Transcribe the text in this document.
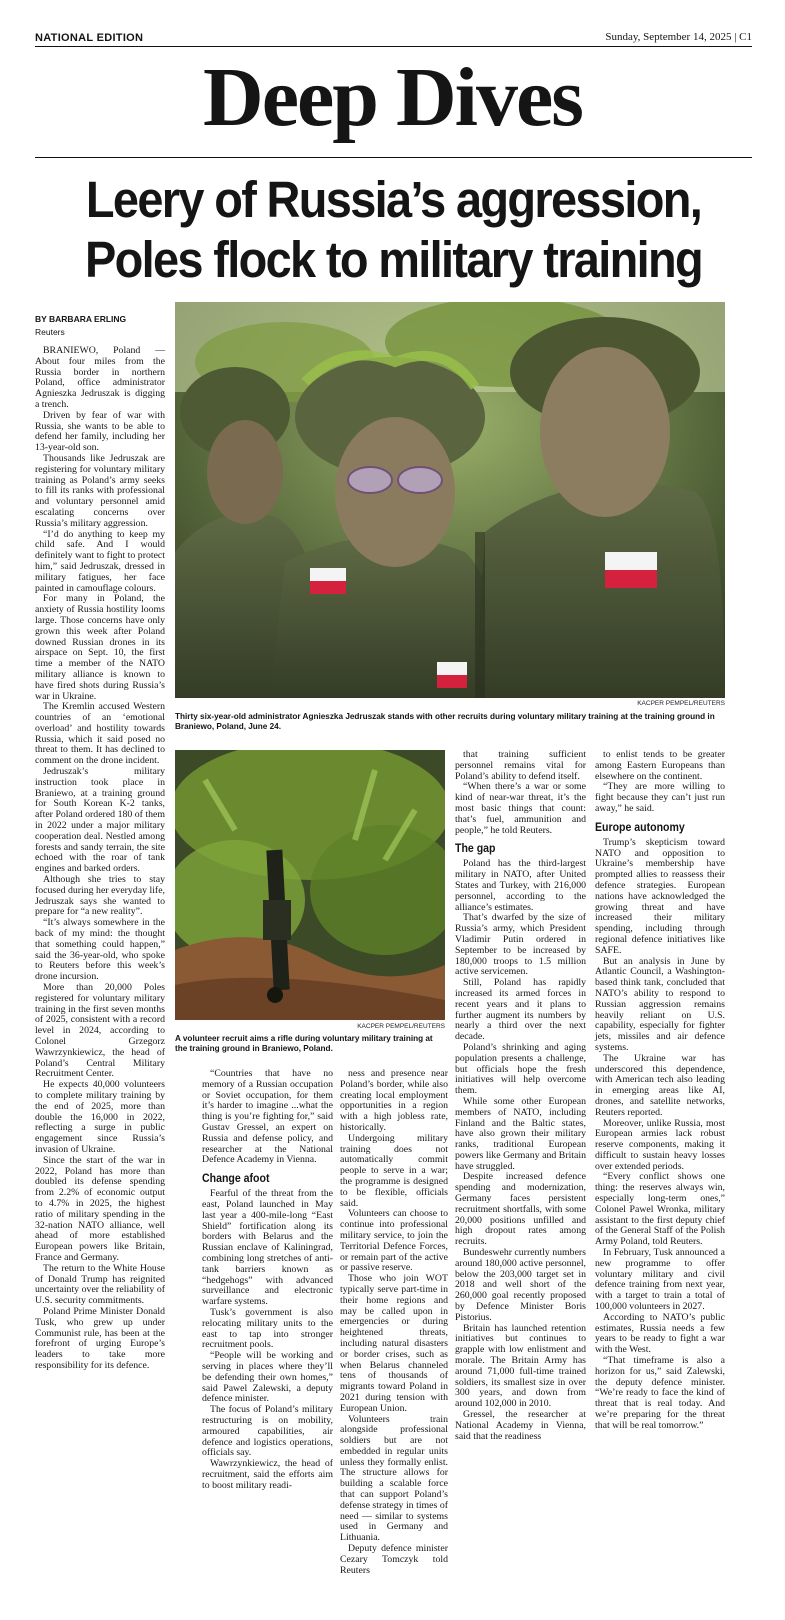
NATIONAL EDITION	Sunday, September 14, 2025 | C1
Deep Dives
Leery of Russia’s aggression,
Poles flock to military training
BY BARBARA ERLING
Reuters
KACPER PEMPEL/REUTERS
Thirty six-year-old administrator Agnieszka Jedruszak stands with other recruits during voluntary military training at the training ground in Braniewo, Poland, June 24.

BRANIEWO, Poland — About four miles from the Russia border in northern Poland, office administrator Agnieszka Jedruszak is digging a trench.

Driven by fear of war with Russia, she wants to be able to defend her family, including her 13-year-old son.

Thousands like Jedruszak are registering for voluntary military training as Poland’s army seeks to fill its ranks with professional and voluntary personnel amid escalating concerns over Russia’s military aggression.

“I’d do anything to keep my child safe. And I would definitely want to fight to protect him,” said Jedruszak, dressed in military fatigues, her face painted in camouflage colours.

For many in Poland, the anxiety of Russia hostility looms large. Those concerns have only grown this week after Poland downed Russian drones in its airspace on Sept. 10, the first time a member of the NATO military alliance is known to have fired shots during Russia’s war in Ukraine.

The Kremlin accused Western countries of an ‘emotional overload’ and hostility towards Russia, which it said posed no threat to them. It has declined to comment on the drone incident.

Jedruszak’s military instruction took place in Braniewo, at a training ground for South Korean K-2 tanks, after Poland ordered 180 of them in 2022 under a major military cooperation deal. Nestled among forests and sandy terrain, the site echoed with the roar of tank engines and barked orders.

Although she tries to stay focused during her everyday life, Jedruszak says she wanted to prepare for “a new reality”.

“It’s always somewhere in the back of my mind: the thought that something could happen,” said the 36-year-old, who spoke to Reuters before this week’s drone incursion.

More than 20,000 Poles registered for voluntary military training in the first seven months of 2025, consistent with a record level in 2024, according to Colonel Grzegorz Wawrzynkiewicz, the head of Poland’s Central Military Recruitment Center.

He expects 40,000 volunteers to complete military training by the end of 2025, more than double the 16,000 in 2022, reflecting a surge in public engagement since Russia’s invasion of Ukraine.

Since the start of the war in 2022, Poland has more than doubled its defense spending from 2.2% of economic output to 4.7% in 2025, the highest ratio of military spending in the 32-nation NATO alliance, well ahead of more established European powers like Britain, France and Germany.

The return to the White House of Donald Trump has reignited uncertainty over the reliability of U.S. security commitments.

Poland Prime Minister Donald Tusk, who grew up under Communist rule, has been at the forefront of urging Europe’s leaders to take more responsibility for its defence.

KACPER PEMPEL/REUTERS
A volunteer recruit aims a rifle during voluntary military training at the training ground in Braniewo, Poland.

“Countries that have no memory of a Russian occupation or Soviet occupation, for them it’s harder to imagine ...what the thing is you’re fighting for,” said Gustav Gressel, an expert on Russia and defense policy, and researcher at the National Defence Academy in Vienna.

Change afoot

Fearful of the threat from the east, Poland launched in May last year a 400-mile-long “East Shield” fortification along its borders with Belarus and the Russian enclave of Kaliningrad, combining long stretches of anti-tank barriers known as “hedgehogs” with advanced surveillance and electronic warfare systems.

Tusk’s government is also relocating military units to the east to tap into stronger recruitment pools.

“People will be working and serving in places where they’ll be defending their own homes,” said Pawel Zalewski, a deputy defence minister.

The focus of Poland’s military restructuring is on mobility, armoured capabilities, air defence and logistics operations, officials say.

Wawrzynkiewicz, the head of recruitment, said the efforts aim to boost military readi-

ness and presence near Poland’s border, while also creating local employment opportunities in a region with a high jobless rate, historically.

Undergoing military training does not automatically commit people to serve in a war; the programme is designed to be flexible, officials said.

Volunteers can choose to continue into professional military service, to join the Territorial Defence Forces, or remain part of the active or passive reserve.

Those who join WOT typically serve part-time in their home regions and may be called upon in emergencies or during heightened threats, including natural disasters or border crises, such as when Belarus channeled tens of thousands of migrants toward Poland in 2021 during tension with European Union.

Volunteers train alongside professional soldiers but are not embedded in regular units unless they formally enlist. The structure allows for building a scalable force that can support Poland’s defense strategy in times of need — similar to systems used in Germany and Lithuania.

Deputy defence minister Cezary Tomczyk told Reuters

that training sufficient personnel remains vital for Poland’s ability to defend itself.

“When there’s a war or some kind of near-war threat, it’s the most basic things that count: that’s fuel, ammunition and people,” he told Reuters.

The gap

Poland has the third-largest military in NATO, after United States and Turkey, with 216,000 personnel, according to the alliance’s estimates.

That’s dwarfed by the size of Russia’s army, which President Vladimir Putin ordered in September to be increased by 180,000 troops to 1.5 million active servicemen.

Still, Poland has rapidly increased its armed forces in recent years and it plans to further augment its numbers by nearly a third over the next decade.

Poland’s shrinking and aging population presents a challenge, but officials hope the fresh initiatives will help overcome them.

While some other European members of NATO, including Finland and the Baltic states, have also grown their military ranks, traditional European powers like Germany and Britain have struggled.

Despite increased defence spending and modernization, Germany faces persistent recruitment shortfalls, with some 20,000 positions unfilled and high dropout rates among recruits.

Bundeswehr currently numbers around 180,000 active personnel, below the 203,000 target set in 2018 and well short of the 260,000 goal recently proposed by Defence Minister Boris Pistorius.

Britain has launched retention initiatives but continues to grapple with low enlistment and morale. The Britain Army has around 71,000 full-time trained soldiers, its smallest size in over 300 years, and down from around 102,000 in 2010.

Gressel, the researcher at National Academy in Vienna, said that the readiness

to enlist tends to be greater among Eastern Europeans than elsewhere on the continent.

“They are more willing to fight because they can’t just run away,” he said.

Europe autonomy

Trump’s skepticism toward NATO and opposition to Ukraine’s membership have prompted allies to reassess their defence strategies. European nations have acknowledged the growing threat and have increased their military spending, including through regional defence initiatives like SAFE.

But an analysis in June by Atlantic Council, a Washington-based think tank, concluded that NATO’s ability to respond to Russian aggression remains heavily reliant on U.S. capability, especially for fighter jets, missiles and air defence systems.

The Ukraine war has underscored this dependence, with American tech also leading in emerging areas like AI, drones, and satellite networks, Reuters reported.

Moreover, unlike Russia, most European armies lack robust reserve components, making it difficult to sustain heavy losses over extended periods.

“Every conflict shows one thing: the reserves always win, especially long-term ones,” Colonel Pawel Wronka, military assistant to the first deputy chief of the General Staff of the Polish Army Poland, told Reuters.

In February, Tusk announced a new programme to offer voluntary military and civil defence training from next year, with a target to train a total of 100,000 volunteers in 2027.

According to NATO’s public estimates, Russia needs a few years to be ready to fight a war with the West.

“That timeframe is also a horizon for us,” said Zalewski, the deputy defence minister. “We’re ready to face the kind of threat that is real today. And we’re preparing for the threat that will be real tomorrow.”
